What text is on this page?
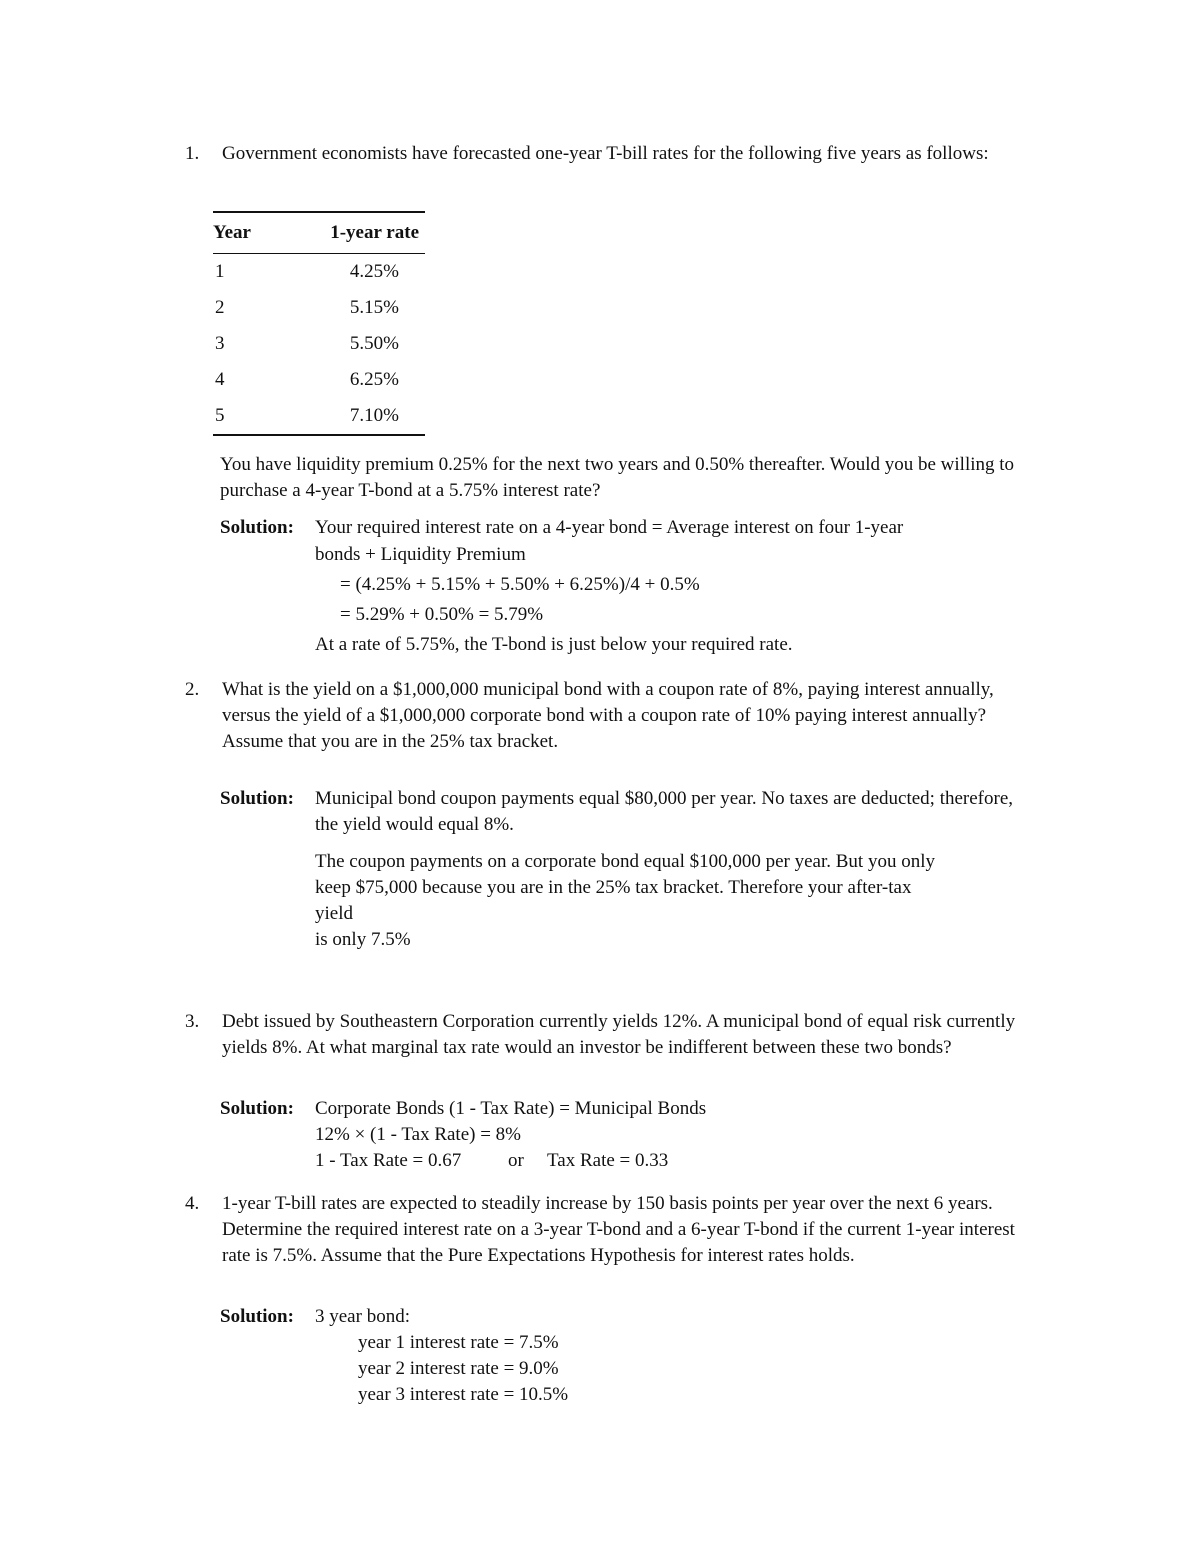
1. Government economists have forecasted one-year T-bill rates for the following five years as follows:
Year	1-year rate
1	4.25%
2	5.15%
3	5.50%
4	6.25%
5	7.10%
You have liquidity premium 0.25% for the next two years and 0.50% thereafter. Would you be willing to purchase a 4-year T-bond at a 5.75% interest rate?
Solution: Your required interest rate on a 4-year bond = Average interest on four 1-year
bonds + Liquidity Premium
= (4.25% + 5.15% + 5.50% + 6.25%)/4 + 0.5%
= 5.29% + 0.50% = 5.79%
At a rate of 5.75%, the T-bond is just below your required rate.
2. What is the yield on a $1,000,000 municipal bond with a coupon rate of 8%, paying interest annually, versus the yield of a $1,000,000 corporate bond with a coupon rate of 10% paying interest annually? Assume that you are in the 25% tax bracket.
Solution: Municipal bond coupon payments equal $80,000 per year. No taxes are deducted; therefore, the yield would equal 8%.
The coupon payments on a corporate bond equal $100,000 per year. But you only
keep $75,000 because you are in the 25% tax bracket. Therefore your after-tax
yield
is only 7.5%
3. Debt issued by Southeastern Corporation currently yields 12%. A municipal bond of equal risk currently yields 8%. At what marginal tax rate would an investor be indifferent between these two bonds?
Solution: Corporate Bonds (1 - Tax Rate) = Municipal Bonds
12% × (1 - Tax Rate) = 8%
1 - Tax Rate = 0.67 or Tax Rate = 0.33
4. 1-year T-bill rates are expected to steadily increase by 150 basis points per year over the next 6 years. Determine the required interest rate on a 3-year T-bond and a 6-year T-bond if the current 1-year interest rate is 7.5%. Assume that the Pure Expectations Hypothesis for interest rates holds.
Solution: 3 year bond:
year 1 interest rate = 7.5%
year 2 interest rate = 9.0%
year 3 interest rate = 10.5%
